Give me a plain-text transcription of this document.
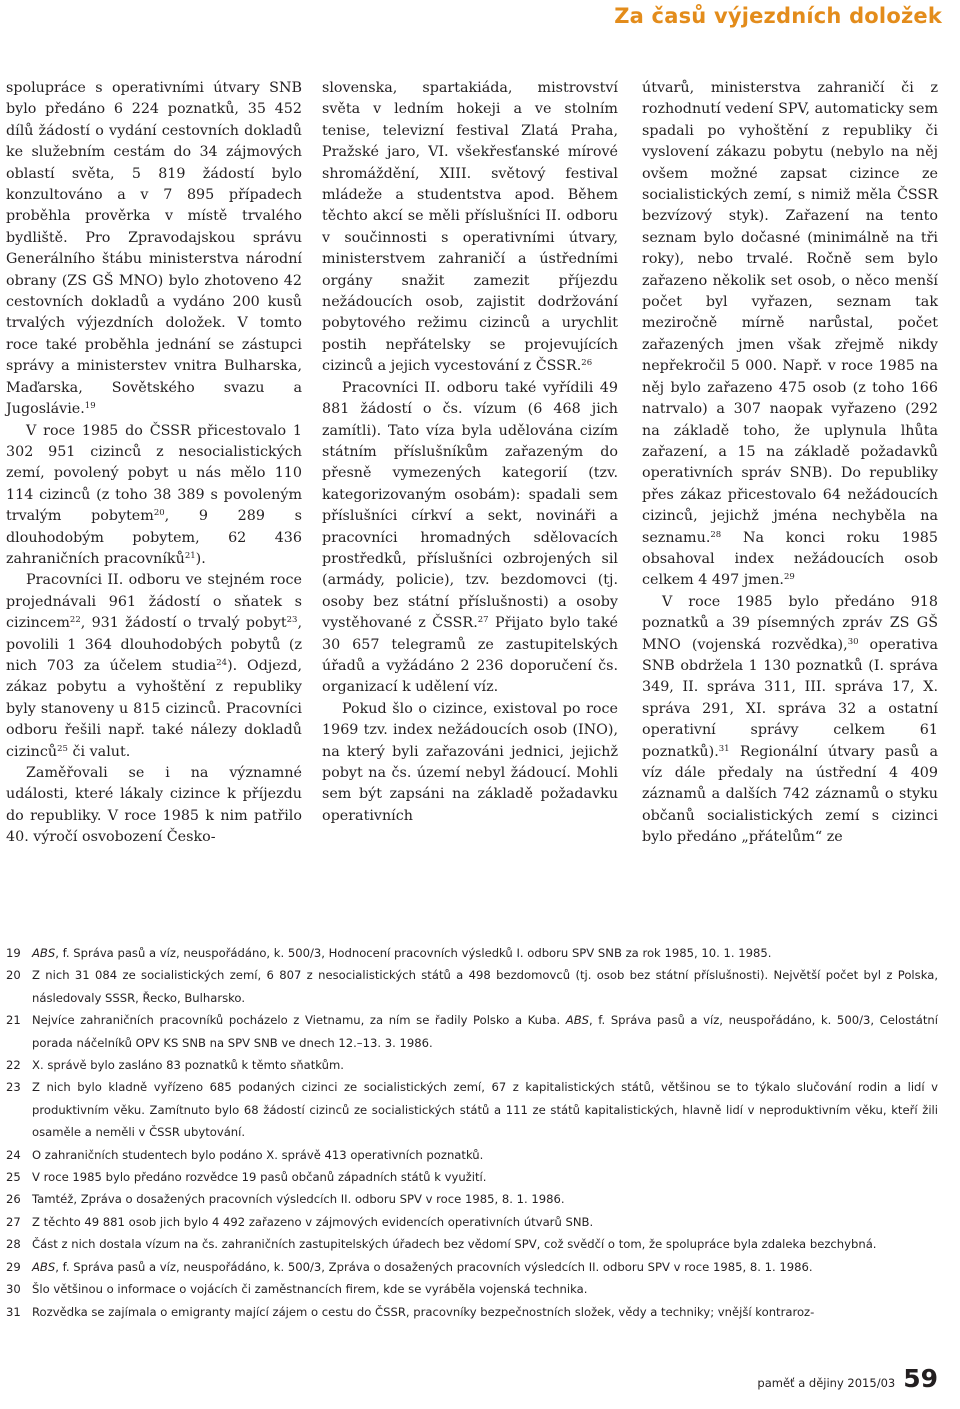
Za časů výjezdních doložek

spolupráce s operativními útvary SNB bylo předáno 6 224 poznatků, 35 452 dílů žádostí o vydání cestovních dokladů ke služebním cestám do 34 zájmových oblastí světa, 5 819 žádostí bylo konzultováno a v 7 895 případech proběhla prověrka v místě trvalého bydliště. Pro Zpravodajskou správu Generálního štábu ministerstva národní obrany (ZS GŠ MNO) bylo zhotoveno 42 cestovních dokladů a vydáno 200 kusů trvalých výjezdních doložek. V tomto roce také proběhla jednání se zástupci správy a ministerstev vnitra Bulharska, Maďarska, Sovětského svazu a Jugoslávie.$^{19}$

V roce 1985 do ČSSR přicestovalo 1 302 951 cizinců z nesocialistických zemí, povolený pobyt u nás mělo 110 114 cizinců (z toho 38 389 s povoleným trvalým pobytem$^{20}$, 9 289 s dlouhodobým pobytem, 62 436 zahraničních pracovníků$^{21}$).

Pracovníci II. odboru ve stejném roce projednávali 961 žádostí o sňatek s cizincem$^{22}$, 931 žádostí o trvalý pobyt$^{23}$, povolili 1 364 dlouhodobých pobytů (z nich 703 za účelem studia$^{24}$). Odjezd, zákaz pobytu a vyhoštění z republiky byly stanoveny u 815 cizinců. Pracovníci odboru řešili např. také nálezy dokladů cizinců$^{25}$ či valut.

Zaměřovali se i na významné události, které lákaly cizince k příjezdu do republiky. V roce 1985 k nim patřilo 40. výročí osvobození Česko-

slovenska, spartakiáda, mistrovství světa v ledním hokeji a ve stolním tenise, televizní festival Zlatá Praha, Pražské jaro, VI. všekřesťanské mírové shromáždění, XIII. světový festival mládeže a studentstva apod. Během těchto akcí se měli příslušníci II. odboru v součinnosti s operativními útvary, ministerstvem zahraničí a ústředními orgány snažit zamezit příjezdu nežádoucích osob, zajistit dodržování pobytového režimu cizinců a urychlit postih nepřátelsky se projevujících cizinců a jejich vycestování z ČSSR.$^{26}$

Pracovníci II. odboru také vyřídili 49 881 žádostí o čs. vízum (6 468 jich zamítli). Tato víza byla udělována cizím státním příslušníkům zařazeným do přesně vymezených kategorií (tzv. kategorizovaným osobám): spadali sem příslušníci církví a sekt, novináři a pracovníci hromadných sdělovacích prostředků, příslušníci ozbrojených sil (armády, policie), tzv. bezdomovci (tj. osoby bez státní příslušnosti) a osoby vystěhované z ČSSR.$^{27}$ Přijato bylo také 30 657 telegramů ze zastupitelských úřadů a vyžádáno 2 236 doporučení čs. organizací k udělení víz.

Pokud šlo o cizince, existoval po roce 1969 tzv. index nežádoucích osob (INO), na který byli zařazováni jednici, jejichž pobyt na čs. území nebyl žádoucí. Mohli sem být zapsáni na základě požadavku operativních

útvarů, ministerstva zahraničí či z rozhodnutí vedení SPV, automaticky sem spadali po vyhoštění z republiky či vyslovení zákazu pobytu (nebylo na něj ovšem možné zapsat cizince ze socialistických zemí, s nimiž měla ČSSR bezvízový styk). Zařazení na tento seznam bylo dočasné (minimálně na tři roky), nebo trvalé. Ročně sem bylo zařazeno několik set osob, o něco menší počet byl vyřazen, seznam tak meziročně mírně narůstal, počet zařazených jmen však zřejmě nikdy nepřekročil 5 000. Např. v roce 1985 na něj bylo zařazeno 475 osob (z toho 166 natrvalo) a 307 naopak vyřazeno (292 na základě toho, že uplynula lhůta zařazení, a 15 na základě požadavků operativních správ SNB). Do republiky přes zákaz přicestovalo 64 nežádoucích cizinců, jejichž jména nechyběla na seznamu.$^{28}$ Na konci roku 1985 obsahoval index nežádoucích osob celkem 4 497 jmen.$^{29}$

V roce 1985 bylo předáno 918 poznatků a 39 písemných zpráv ZS GŠ MNO (vojenská rozvědka),$^{30}$ operativa SNB obdržela 1 130 poznatků (I. správa 349, II. správa 311, III. správa 17, X. správa 291, XI. správa 32 a ostatní operativní správy celkem 61 poznatků).$^{31}$ Regionální útvary pasů a víz dále předaly na ústřední 4 409 záznamů a dalších 742 záznamů o styku občanů socialistických zemí s cizinci bylo předáno „přátelům“ ze

19 ABS, f. Správa pasů a víz, neuspořádáno, k. 500/3, Hodnocení pracovních výsledků I. odboru SPV SNB za rok 1985, 10. 1. 1985.
20 Z nich 31 084 ze socialistických zemí, 6 807 z nesocialistických států a 498 bezdomovců (tj. osob bez státní příslušnosti). Největší počet byl z Polska, následovaly SSSR, Řecko, Bulharsko.
21 Nejvíce zahraničních pracovníků pocházelo z Vietnamu, za ním se řadily Polsko a Kuba. ABS, f. Správa pasů a víz, neuspořádáno, k. 500/3, Celostátní porada náčelníků OPV KS SNB na SPV SNB ve dnech 12.–13. 3. 1986.
22 X. správě bylo zasláno 83 poznatků k těmto sňatkům.
23 Z nich bylo kladně vyřízeno 685 podaných cizinci ze socialistických zemí, 67 z kapitalistických států, většinou se to týkalo slučování rodin a lidí v produktivním věku. Zamítnuto bylo 68 žádostí cizinců ze socialistických států a 111 ze států kapitalistických, hlavně lidí v neproduktivním věku, kteří žili osaměle a neměli v ČSSR ubytování.
24 O zahraničních studentech bylo podáno X. správě 413 operativních poznatků.
25 V roce 1985 bylo předáno rozvědce 19 pasů občanů západních států k využití.
26 Tamtéž, Zpráva o dosažených pracovních výsledcích II. odboru SPV v roce 1985, 8. 1. 1986.
27 Z těchto 49 881 osob jich bylo 4 492 zařazeno v zájmových evidencích operativních útvarů SNB.
28 Část z nich dostala vízum na čs. zahraničních zastupitelských úřadech bez vědomí SPV, což svědčí o tom, že spolupráce byla zdaleka bezchybná.
29 ABS, f. Správa pasů a víz, neuspořádáno, k. 500/3, Zpráva o dosažených pracovních výsledcích II. odboru SPV v roce 1985, 8. 1. 1986.
30 Šlo většinou o informace o vojácích či zaměstnancích firem, kde se vyráběla vojenská technika.
31 Rozvědka se zajímala o emigranty mající zájem o cestu do ČSSR, pracovníky bezpečnostních složek, vědy a techniky; vnější kontraroz-
paměť a dějiny 2015/03 59
